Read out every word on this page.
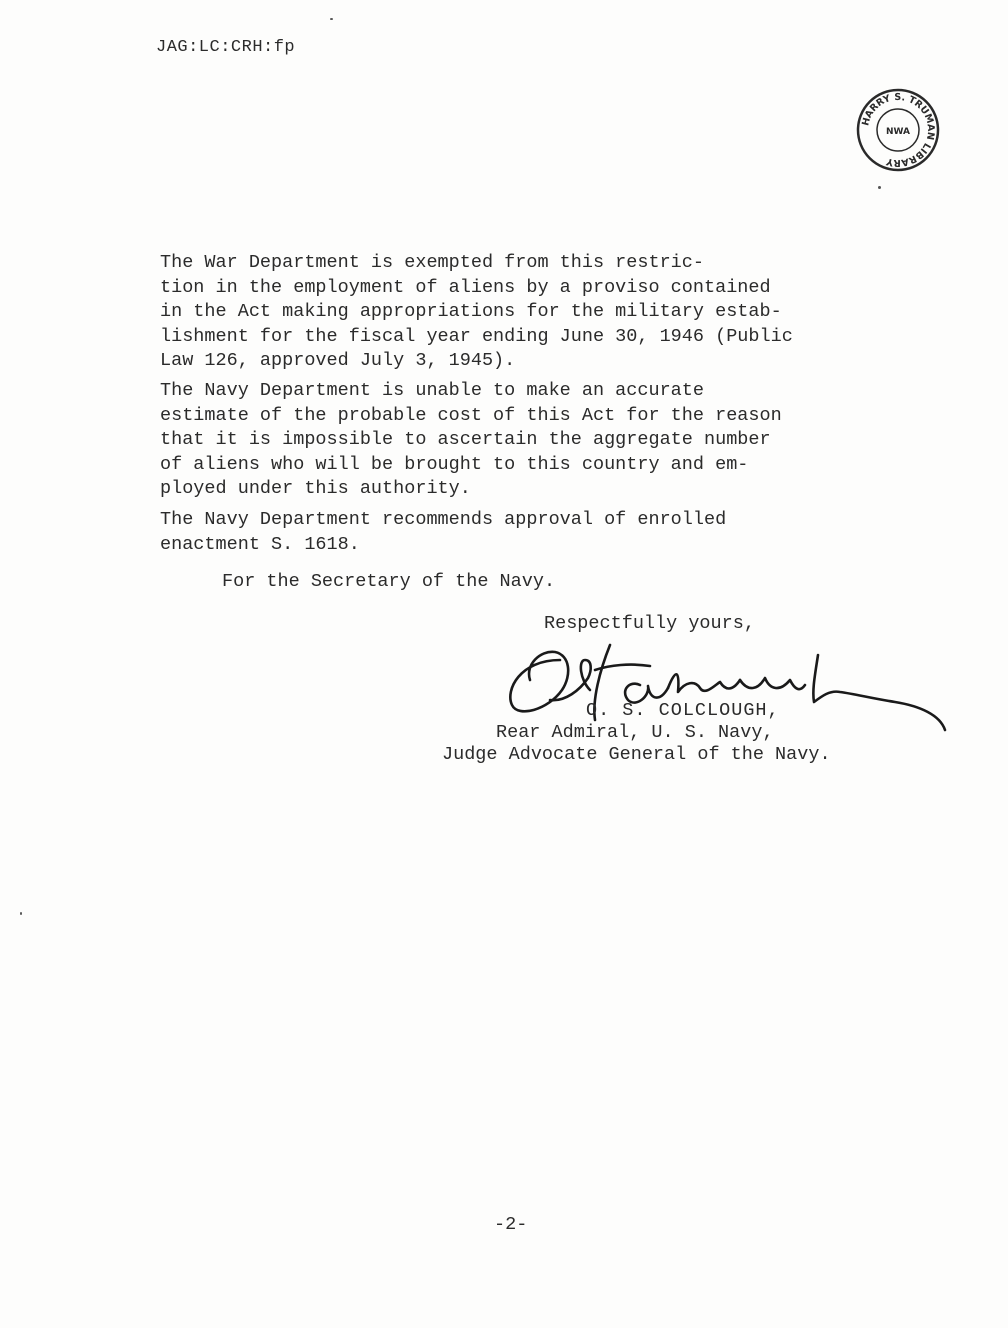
JAG:LC:CRH:fp
HARRY S. TRUMAN LIBRARY
NWA
The War Department is exempted from this restric-
tion in the employment of aliens by a proviso contained
in the Act making appropriations for the military estab-
lishment for the fiscal year ending June 30, 1946 (Public
Law 126, approved July 3, 1945).
The Navy Department is unable to make an accurate
estimate of the probable cost of this Act for the reason
that it is impossible to ascertain the aggregate number
of aliens who will be brought to this country and em-
ployed under this authority.
The Navy Department recommends approval of enrolled
enactment S. 1618.
For the Secretary of the Navy.
Respectfully yours,
O. S. COLCLOUGH,
Rear Admiral, U. S. Navy,
Judge Advocate General of the Navy.
-2-
